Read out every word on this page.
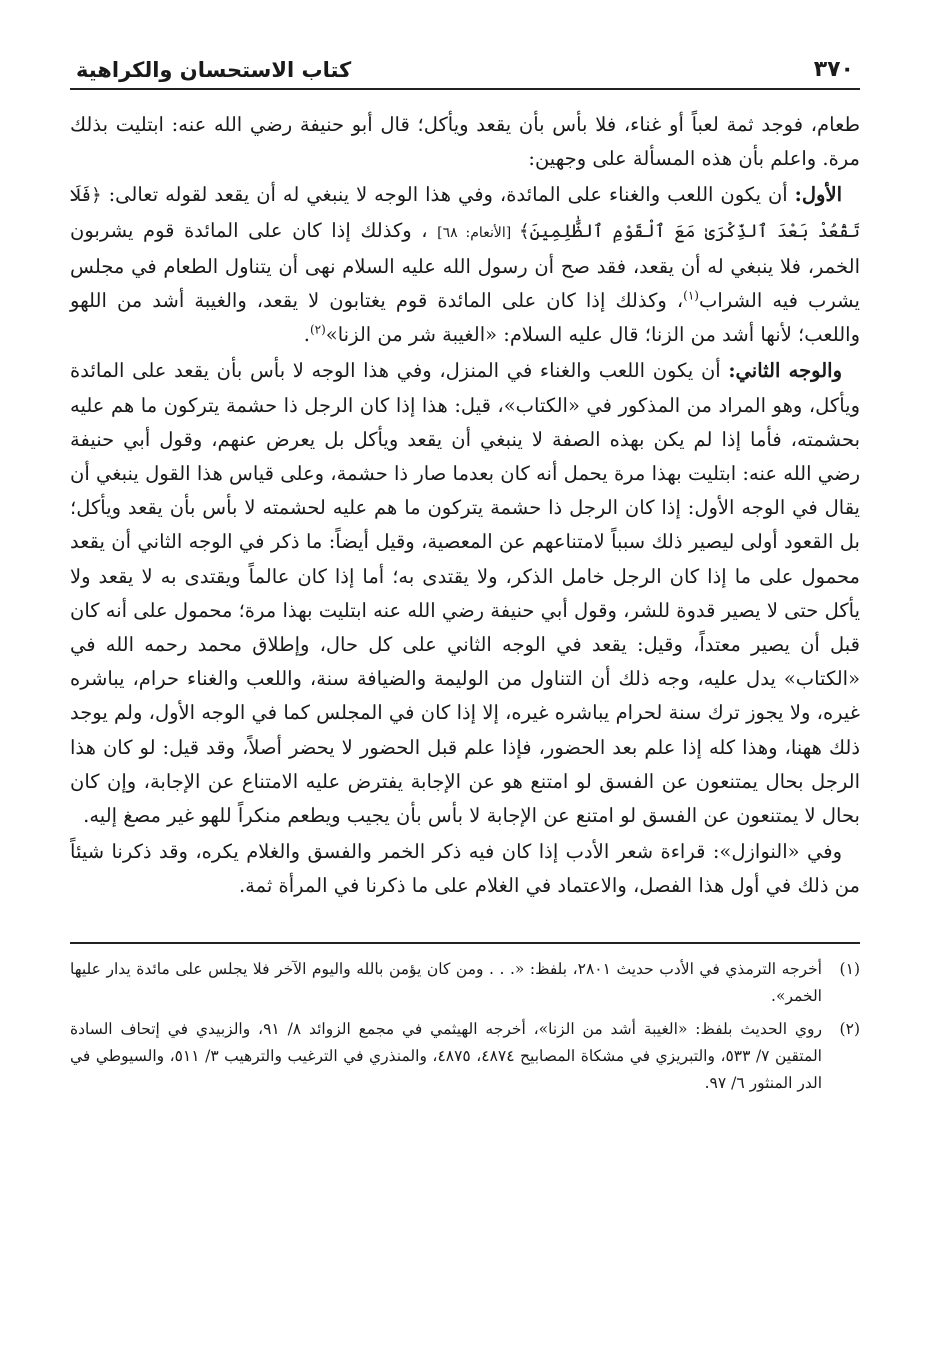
٣٧٠
كتاب الاستحسان والكراهية

طعام، فوجد ثمة لعباً أو غناء، فلا بأس بأن يقعد ويأكل؛ قال أبو حنيفة رضي الله عنه: ابتليت بذلك مرة. واعلم بأن هذه المسألة على وجهين:

الأول: أن يكون اللعب والغناء على المائدة، وفي هذا الوجه لا ينبغي له أن يقعد لقوله تعالى: ﴿فَلَا تَقْعُدْ بَعْدَ ٱلذِّكْرَىٰ مَعَ ٱلْقَوْمِ ٱلظَّٰلِمِينَ﴾ [الأنعام: ٦٨] ، وكذلك إذا كان على المائدة قوم يشربون الخمر، فلا ينبغي له أن يقعد، فقد صح أن رسول الله عليه السلام نهى أن يتناول الطعام في مجلس يشرب فيه الشراب$^{(١)}$، وكذلك إذا كان على المائدة قوم يغتابون لا يقعد، والغيبة أشد من اللهو واللعب؛ لأنها أشد من الزنا؛ قال عليه السلام: «الغيبة شر من الزنا»$^{(٢)}$.

والوجه الثاني: أن يكون اللعب والغناء في المنزل، وفي هذا الوجه لا بأس بأن يقعد على المائدة ويأكل، وهو المراد من المذكور في «الكتاب»، قيل: هذا إذا كان الرجل ذا حشمة يتركون ما هم عليه بحشمته، فأما إذا لم يكن بهذه الصفة لا ينبغي أن يقعد ويأكل بل يعرض عنهم، وقول أبي حنيفة رضي الله عنه: ابتليت بهذا مرة يحمل أنه كان بعدما صار ذا حشمة، وعلى قياس هذا القول ينبغي أن يقال في الوجه الأول: إذا كان الرجل ذا حشمة يتركون ما هم عليه لحشمته لا بأس بأن يقعد ويأكل؛ بل القعود أولى ليصير ذلك سبباً لامتناعهم عن المعصية، وقيل أيضاً: ما ذكر في الوجه الثاني أن يقعد محمول على ما إذا كان الرجل خامل الذكر، ولا يقتدى به؛ أما إذا كان عالماً ويقتدى به لا يقعد ولا يأكل حتى لا يصير قدوة للشر، وقول أبي حنيفة رضي الله عنه ابتليت بهذا مرة؛ محمول على أنه كان قبل أن يصير معتداً، وقيل: يقعد في الوجه الثاني على كل حال، وإطلاق محمد رحمه الله في «الكتاب» يدل عليه، وجه ذلك أن التناول من الوليمة والضيافة سنة، واللعب والغناء حرام، يباشره غيره، ولا يجوز ترك سنة لحرام يباشره غيره، إلا إذا كان في المجلس كما في الوجه الأول، ولم يوجد ذلك ههنا، وهذا كله إذا علم بعد الحضور، فإذا علم قبل الحضور لا يحضر أصلاً، وقد قيل: لو كان هذا الرجل بحال يمتنعون عن الفسق لو امتنع هو عن الإجابة يفترض عليه الامتناع عن الإجابة، وإن كان بحال لا يمتنعون عن الفسق لو امتنع عن الإجابة لا بأس بأن يجيب ويطعم منكراً للهو غير مصغ إليه.

وفي «النوازل»: قراءة شعر الأدب إذا كان فيه ذكر الخمر والفسق والغلام يكره، وقد ذكرنا شيئاً من ذلك في أول هذا الفصل، والاعتماد في الغلام على ما ذكرنا في المرأة ثمة.

(١)
أخرجه الترمذي في الأدب حديث ٢٨٠١، بلفظ: «. . . ومن كان يؤمن بالله واليوم الآخر فلا يجلس على مائدة يدار عليها الخمر».
(٢)
روي الحديث بلفظ: «الغيبة أشد من الزنا»، أخرجه الهيثمي في مجمع الزوائد ٨/ ٩١، والزبيدي في إتحاف السادة المتقين ٧/ ٥٣٣، والتبريزي في مشكاة المصابيح ٤٨٧٤، ٤٨٧٥، والمنذري في الترغيب والترهيب ٣/ ٥١١، والسيوطي في الدر المنثور ٦/ ٩٧.
